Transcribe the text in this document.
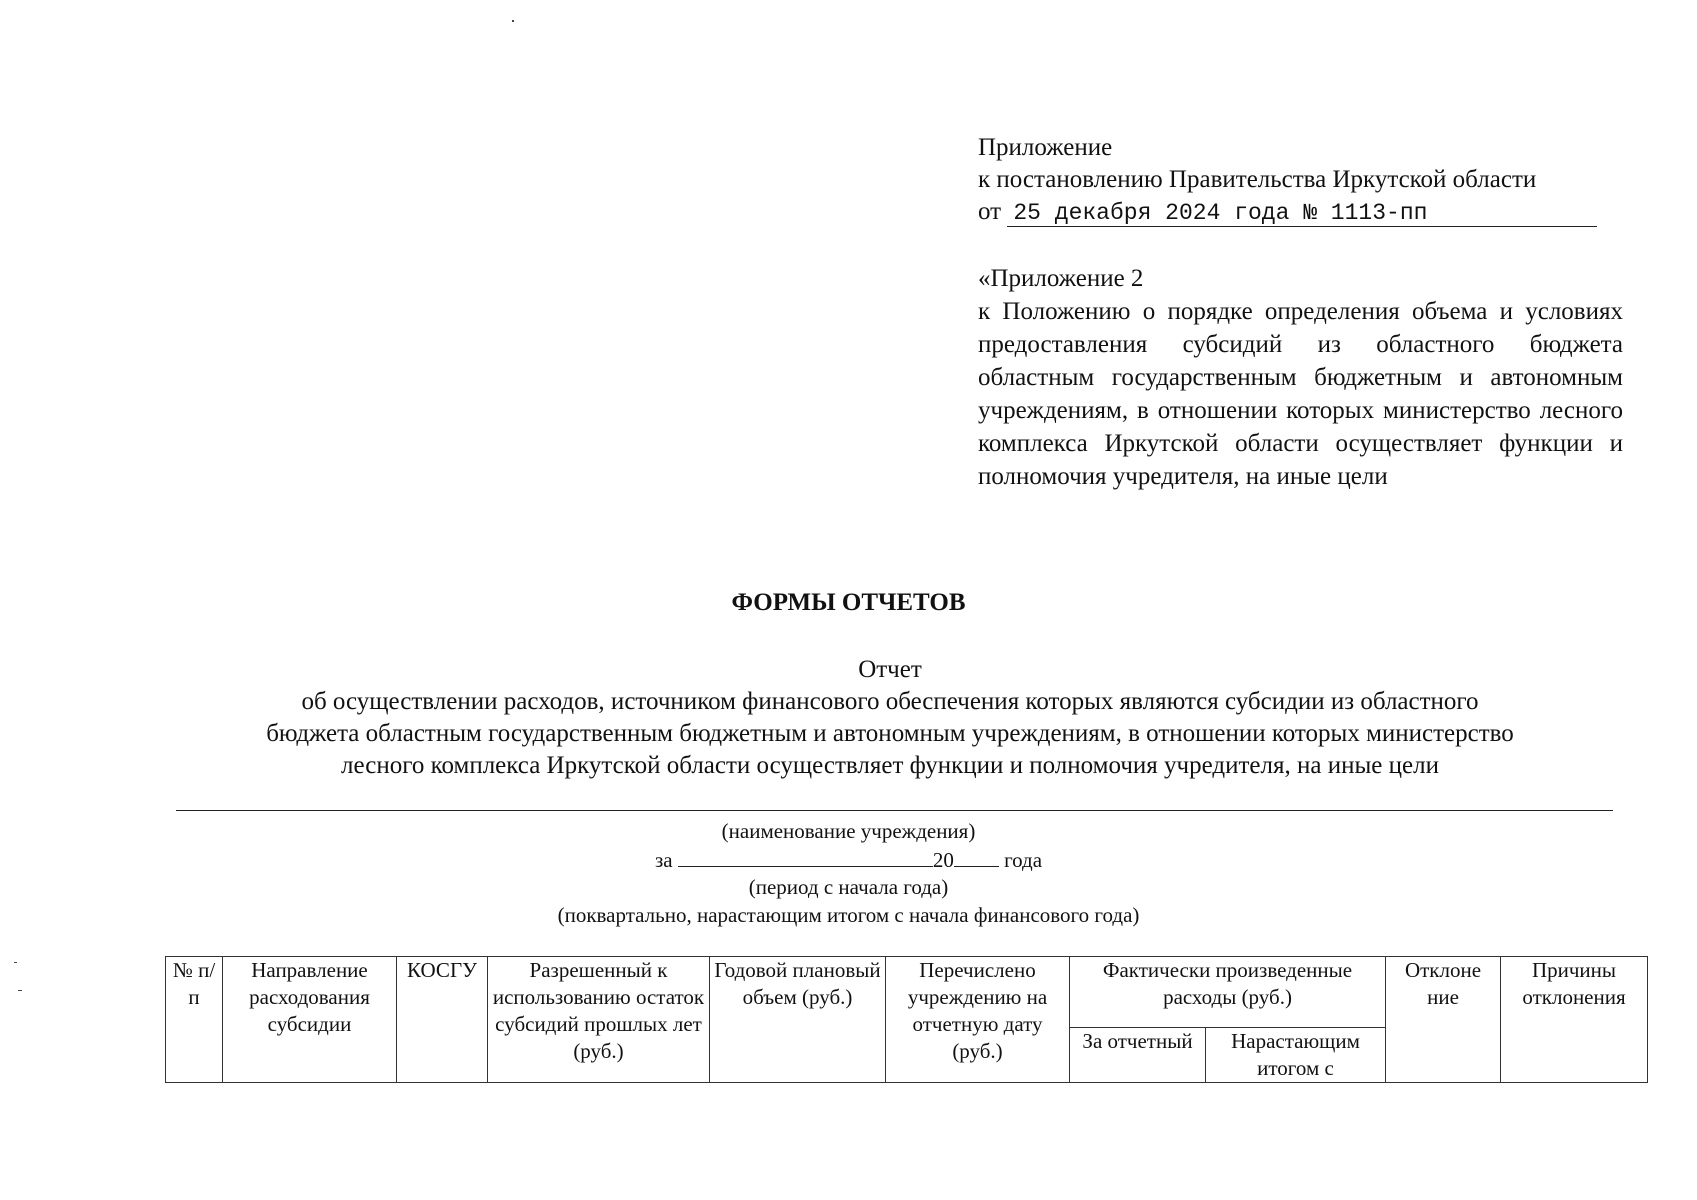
Приложение
к постановлению Правительства Иркутской области
от 25 декабря 2024 года № 1113-пп
«Приложение 2
к Положению о порядке определения объема и условиях предоставления субсидий из областного бюджета областным государственным бюджетным и автономным учреждениям, в отношении которых министерство лесного комплекса Иркутской области осуществляет функции и полномочия учредителя, на иные цели
ФОРМЫ ОТЧЕТОВ
Отчет
об осуществлении расходов, источником финансового обеспечения которых являются субсидии из областного
бюджета областным государственным бюджетным и автономным учреждениям, в отношении которых министерство
лесного комплекса Иркутской области осуществляет функции и полномочия учредителя, на иные цели
(наименование учреждения)
за	20 года
(период с начала года)
(поквартально, нарастающим итогом с начала финансового года)
№ п/п	Направление расходования субсидии	КОСГУ	Разрешенный к использованию остаток субсидий прошлых лет (руб.)	Годовой плановый объем (руб.)	Перечислено учреждению на отчетную дату (руб.)	Фактически произведенные расходы (руб.)		Отклоне ние	Причины отклонения
						За отчетный	Нарастающим итогом с		
